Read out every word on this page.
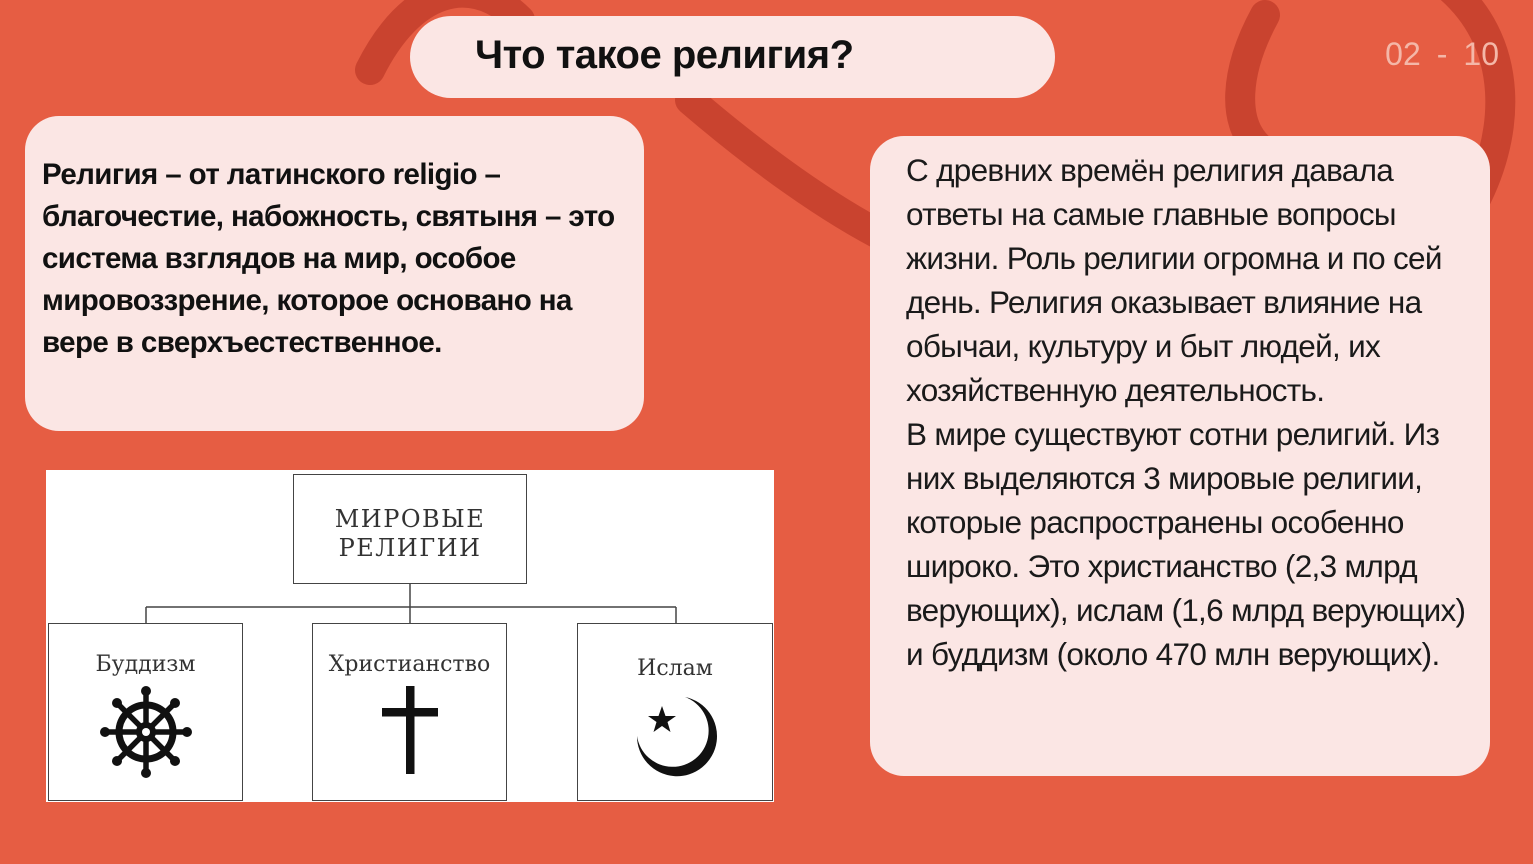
Что такое религия?	02 - 10
Религия – от латинского religio – благочестие, набожность, святыня – это система взглядов на мир, особое мировоззрение, которое основано на вере в сверхъестественное.

С древних времён религия давала ответы на самые главные вопросы жизни. Роль религии огромна и по сей день. Религия оказывает влияние на обычаи, культуру и быт людей, их хозяйственную деятельность.

В мире существуют сотни религий. Из них выделяются 3 мировые религии, которые распространены особенно широко. Это христианство (2,3 млрд верующих), ислам (1,6 млрд верующих) и буддизм (около 470 млн верующих).

МИРОВЫЕ РЕЛИГИИ
Буддизм	Христианство	Ислам
